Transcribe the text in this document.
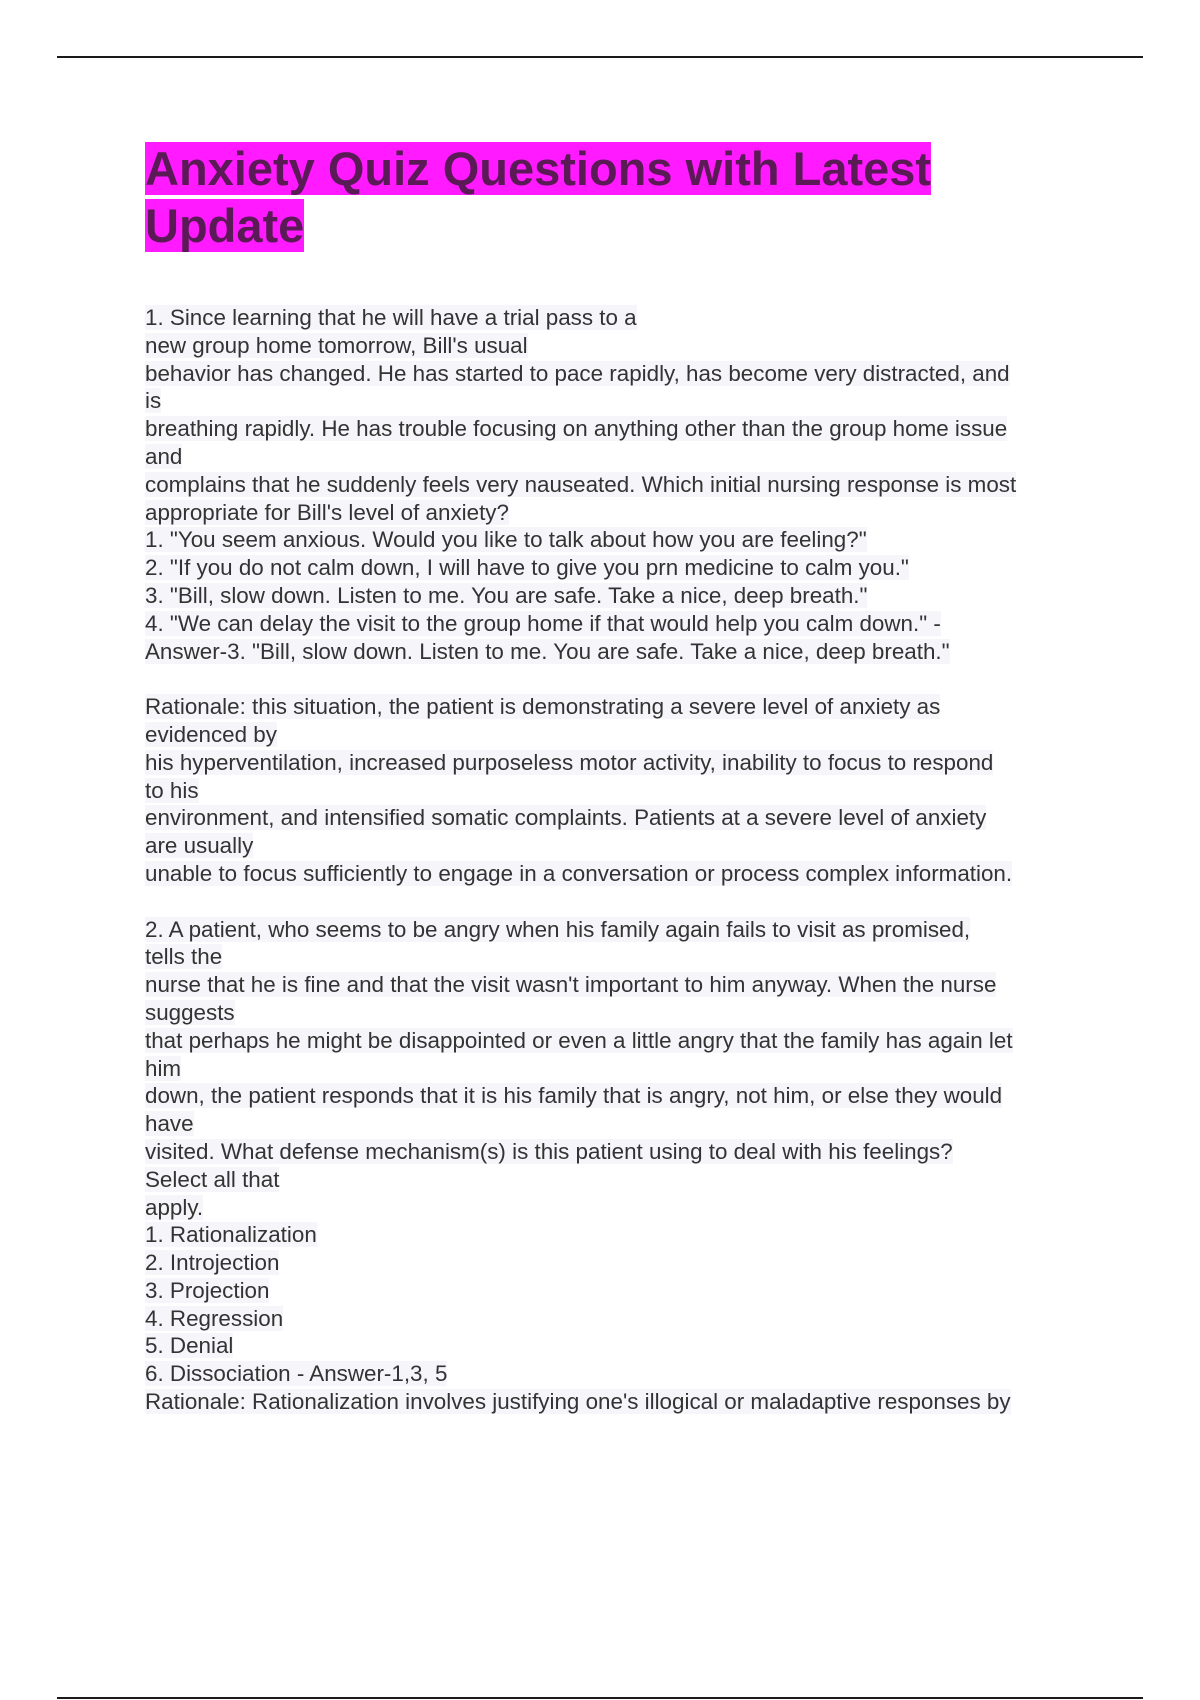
Anxiety Quiz Questions with Latest
Update
1. Since learning that he will have a trial pass to a
new group home tomorrow, Bill's usual
behavior has changed. He has started to pace rapidly, has become very distracted, and
is
breathing rapidly. He has trouble focusing on anything other than the group home issue
and
complains that he suddenly feels very nauseated. Which initial nursing response is most
appropriate for Bill's level of anxiety?
1. "You seem anxious. Would you like to talk about how you are feeling?"
2. "If you do not calm down, I will have to give you prn medicine to calm you."
3. "Bill, slow down. Listen to me. You are safe. Take a nice, deep breath."
4. "We can delay the visit to the group home if that would help you calm down." -
Answer-3. "Bill, slow down. Listen to me. You are safe. Take a nice, deep breath."
Rationale: this situation, the patient is demonstrating a severe level of anxiety as
evidenced by
his hyperventilation, increased purposeless motor activity, inability to focus to respond
to his
environment, and intensified somatic complaints. Patients at a severe level of anxiety
are usually
unable to focus sufficiently to engage in a conversation or process complex information.
2. A patient, who seems to be angry when his family again fails to visit as promised,
tells the
nurse that he is fine and that the visit wasn't important to him anyway. When the nurse
suggests
that perhaps he might be disappointed or even a little angry that the family has again let
him
down, the patient responds that it is his family that is angry, not him, or else they would
have
visited. What defense mechanism(s) is this patient using to deal with his feelings?
Select all that
apply.
1. Rationalization
2. Introjection
3. Projection
4. Regression
5. Denial
6. Dissociation - Answer-1,3, 5
Rationale: Rationalization involves justifying one's illogical or maladaptive responses by
